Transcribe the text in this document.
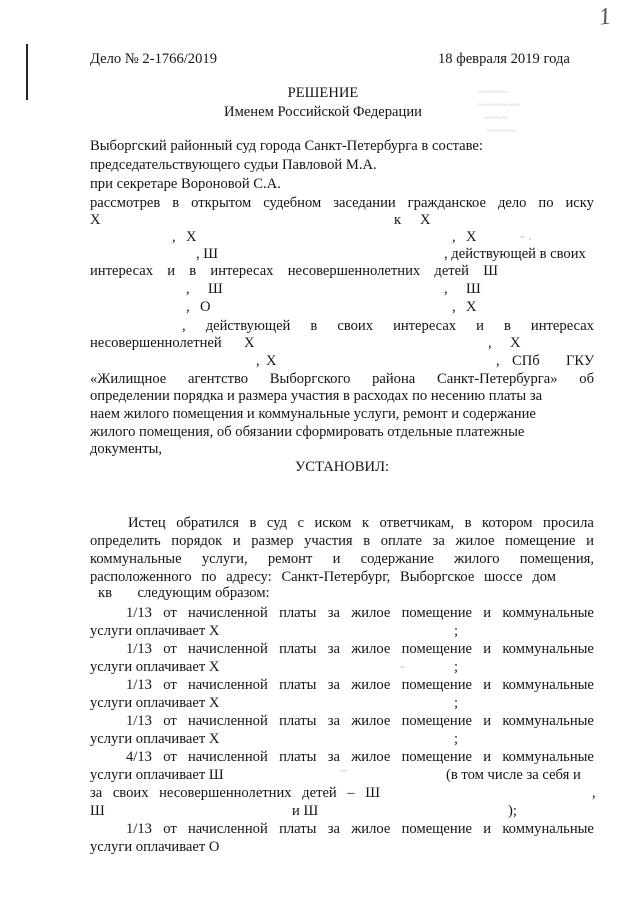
1
~~~~~
~~~~~~~
~~~~
~~~~~
Дело № 2-1766/2019	18 февраля 2019 года
РЕШЕНИЕ
Именем Российской Федерации
Выборгский районный суд города Санкт-Петербурга в составе:
председательствующего судьи Павловой М.А.
при секретаре Вороновой С.А.
рассмотрев в открытом судебном заседании гражданское дело по иску
Х	к Х
, Х	, Х	- .
, Ш	, действующей в своих
интересах и в интересах несовершеннолетних детей Ш
, Ш	, Ш
, О	, Х
, действующей в своих интересах и в интересах
несовершеннолетней Х	, Х
, Х	, СПб ГКУ
«Жилищное агентство Выборгского района Санкт-Петербурга» об
определении порядка и размера участия в расходах по несению платы за
наем жилого помещения и коммунальные услуги, ремонт и содержание
жилого помещения, об обязании сформировать отдельные платежные
документы,
УСТАНОВИЛ:
Истец обратился в суд с иском к ответчикам, в котором просила
определить порядок и размер участия в оплате за жилое помещение и
коммунальные услуги, ремонт и содержание жилого помещения,
расположенного по адресу: Санкт-Петербург, Выборгское шоссе дом
кв       следующим образом:
1/13 от начисленной платы за жилое помещение и коммунальные
услуги оплачивает Х	;
1/13 от начисленной платы за жилое помещение и коммунальные
услуги оплачивает Х	;
-
1/13 от начисленной платы за жилое помещение и коммунальные
услуги оплачивает Х	;
1/13 от начисленной платы за жилое помещение и коммунальные
услуги оплачивает Х	;
4/13 от начисленной платы за жилое помещение и коммунальные
услуги оплачивает Ш	–	(в том числе за себя и
за своих несовершеннолетних детей – Ш	,
Ш	и Ш	);
1/13 от начисленной платы за жилое помещение и коммунальные
услуги оплачивает О
